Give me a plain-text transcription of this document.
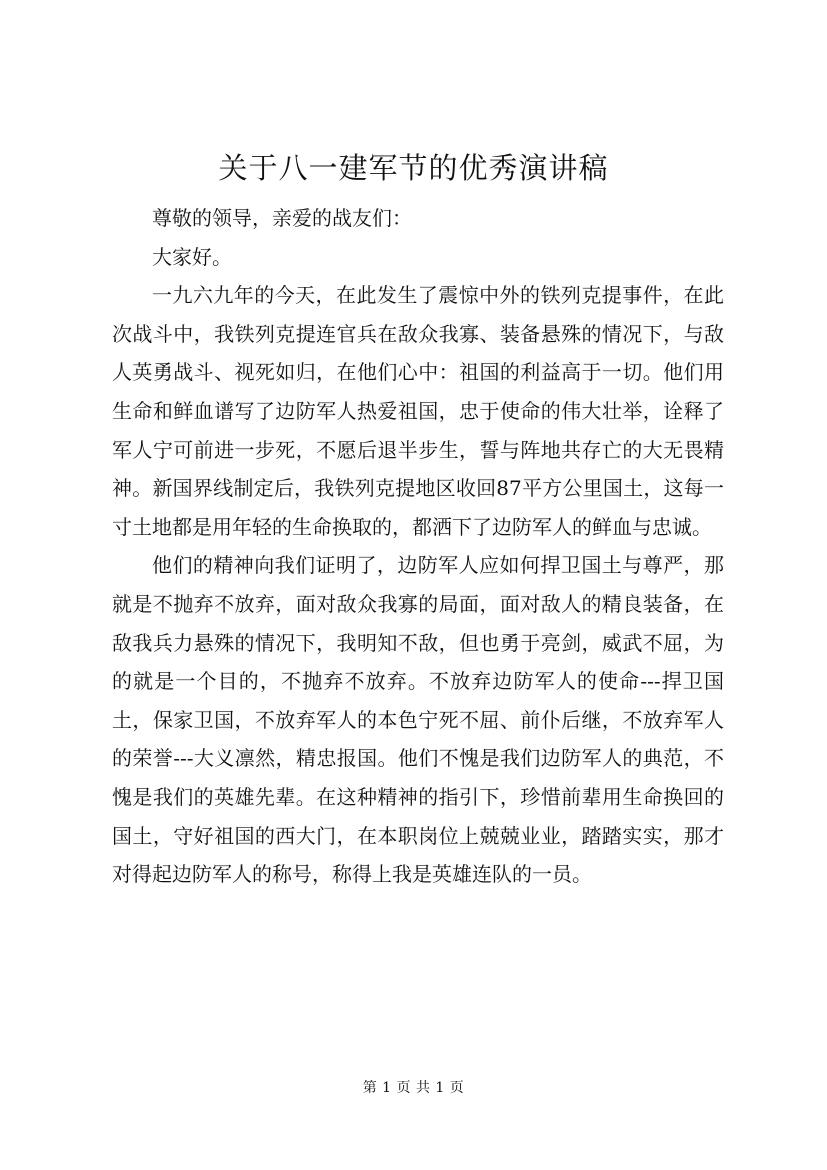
关于八一建军节的优秀演讲稿

尊敬的领导，亲爱的战友们：

大家好。

一九六九年的今天，在此发生了震惊中外的铁列克提事件，在此次战斗中，我铁列克提连官兵在敌众我寡、装备悬殊的情况下，与敌人英勇战斗、视死如归，在他们心中：祖国的利益高于一切。他们用生命和鲜血谱写了边防军人热爱祖国，忠于使命的伟大壮举，诠释了军人宁可前进一步死，不愿后退半步生，誓与阵地共存亡的大无畏精神。新国界线制定后，我铁列克提地区收回87平方公里国土，这每一寸土地都是用年轻的生命换取的，都洒下了边防军人的鲜血与忠诚。

他们的精神向我们证明了，边防军人应如何捍卫国土与尊严，那就是不抛弃不放弃，面对敌众我寡的局面，面对敌人的精良装备，在敌我兵力悬殊的情况下，我明知不敌，但也勇于亮剑，威武不屈，为的就是一个目的，不抛弃不放弃。不放弃边防军人的使命---捍卫国土，保家卫国，不放弃军人的本色宁死不屈、前仆后继，不放弃军人的荣誉---大义凛然，精忠报国。他们不愧是我们边防军人的典范，不愧是我们的英雄先辈。在这种精神的指引下，珍惜前辈用生命换回的国土，守好祖国的西大门，在本职岗位上兢兢业业，踏踏实实，那才对得起边防军人的称号，称得上我是英雄连队的一员。

第 1 页 共 1 页
